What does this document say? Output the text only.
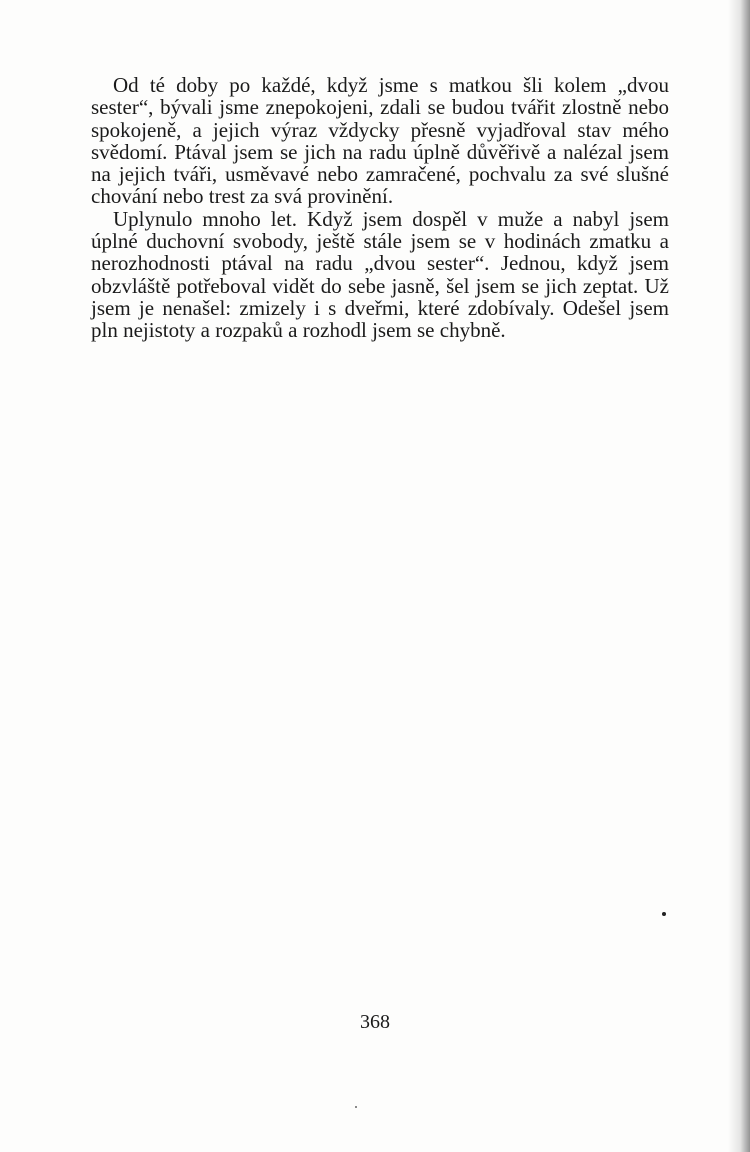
Od té doby po každé, když jsme s matkou šli kolem „dvou sester“, bývali jsme znepokojeni, zdali se budou tvářit zlostně nebo spokojeně, a jejich výraz vždycky přesně vyjadřoval stav mého svědomí. Ptával jsem se jich na radu úplně důvěřivě a nalézal jsem na jejich tváři, usměvavé nebo zamračené, pochvalu za své slušné chování nebo trest za svá provinění.

Uplynulo mnoho let. Když jsem dospěl v muže a nabyl jsem úplné duchovní svobody, ještě stále jsem se v hodinách zmatku a nerozhodnosti ptával na radu „dvou sester“. Jednou, když jsem obzvláště potřeboval vidět do sebe jasně, šel jsem se jich zeptat. Už jsem je nenašel: zmizely i s dveřmi, které zdobívaly. Odešel jsem pln nejistoty a rozpaků a rozhodl jsem se chybně.

368
